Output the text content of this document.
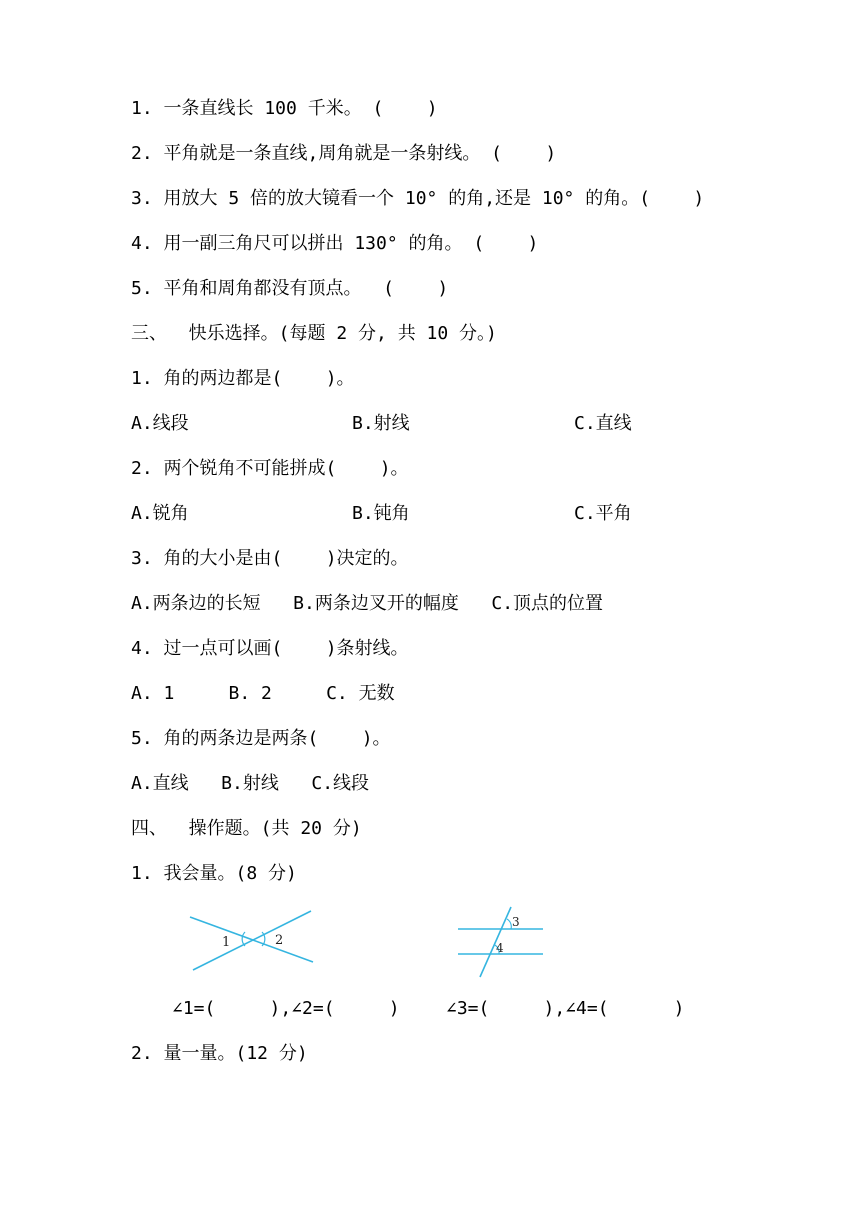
1. 一条直线长 100 千米。 (    )
2. 平角就是一条直线,周角就是一条射线。 (    )
3. 用放大 5 倍的放大镜看一个 10° 的角,还是 10° 的角。(    )
4. 用一副三角尺可以拼出 130° 的角。 (    )
5. 平角和周角都没有顶点。  (    )
三、  快乐选择。(每题 2 分, 共 10 分。)
1. 角的两边都是(    )。
A.线段	B.射线	C.直线
2. 两个锐角不可能拼成(    )。
A.锐角	B.钝角	C.平角
3. 角的大小是由(    )决定的。
A.两条边的长短   B.两条边叉开的幅度   C.顶点的位置
4. 过一点可以画(    )条射线。
A. 1     B. 2     C. 无数
5. 角的两条边是两条(    )。
A.直线   B.射线   C.线段
四、  操作题。(共 20 分)
1. 我会量。(8 分)
1	2
3
4
∠1=(     ),∠2=(     )	∠3=(     ),∠4=(      )
2. 量一量。(12 分)
